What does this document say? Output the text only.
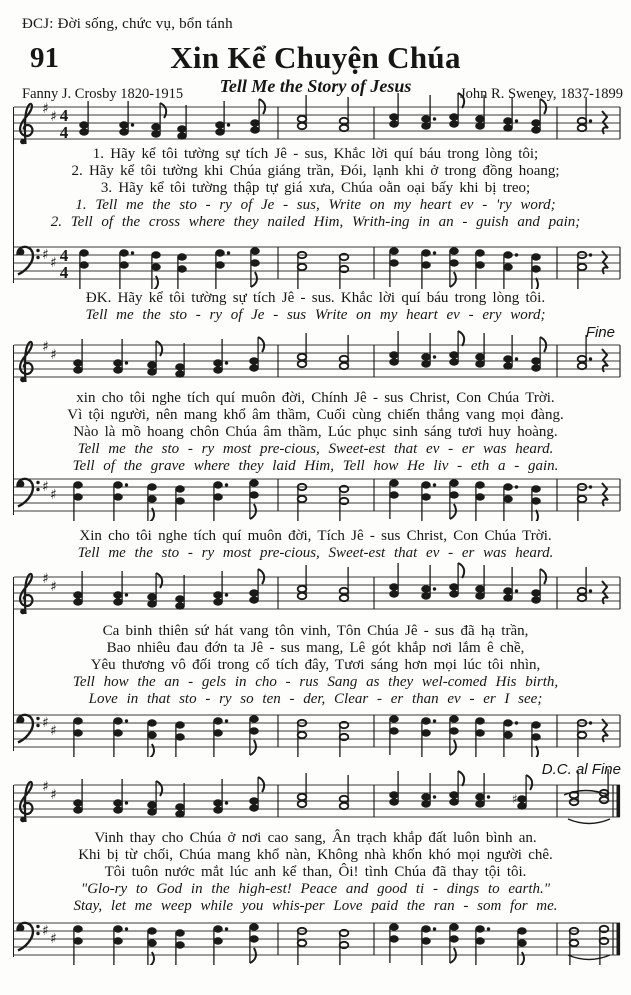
ĐCJ: Đời sống, chức vụ, bổn tánh
91	Xin Kể Chuyện Chúa
Tell Me the Story of Jesus
Fanny J. Crosby 1820-1915	John R. Sweney, 1837-1899
♯ ♯ 4
4
♯ ♯ 4
4
♯ ♯
♯ ♯
♯ ♯
♯ ♯
♯ ♯	♯
♯ ♯
1. Hãy kể tôi tường sự tích Jê - sus, Khắc lời quí báu trong lòng tôi;
2. Hãy kể tôi tường khi Chúa giáng trần, Đói, lạnh khi ở trong đồng hoang;
3. Hãy kể tôi tường thập tự giá xưa, Chúa oằn oại bấy khi bị treo;
1. Tell me the sto - ry of Je - sus, Write on my heart ev - 'ry word;
2. Tell of the cross where they nailed Him, Writh-ing in an - guish and pain;
ĐK. Hãy kể tôi tường sự tích Jê - sus. Khắc lời quí báu trong lòng tôi.
Tell me the sto - ry of Je - sus Write on my heart ev - ery word;
xin cho tôi nghe tích quí muôn đời, Chính Jê - sus Christ, Con Chúa Trời.
Vì tội người, nên mang khổ âm thầm, Cuối cùng chiến thắng vang mọi đàng.
Nào là mồ hoang chôn Chúa âm thầm, Lúc phục sinh sáng tươi huy hoàng.
Tell me the sto - ry most pre-cious, Sweet-est that ev - er was heard.
Tell of the grave where they laid Him, Tell how He liv - eth a - gain.
Xin cho tôi nghe tích quí muôn đời, Tích Jê - sus Christ, Con Chúa Trời.
Tell me the sto - ry most pre-cious, Sweet-est that ev - er was heard.
Ca binh thiên sứ hát vang tôn vinh, Tôn Chúa Jê - sus đã hạ trần,
Bao nhiêu đau đớn ta Jê - sus mang, Lê gót khắp nơi lắm ê chề,
Yêu thương vô đối trong cổ tích đây, Tươi sáng hơn mọi lúc tôi nhìn,
Tell how the an - gels in cho - rus Sang as they wel-comed His birth,
Love in that sto - ry so ten - der, Clear - er than ev - er I see;
Vinh thay cho Chúa ở nơi cao sang, Ân trạch khắp đất luôn bình an.
Khi bị từ chối, Chúa mang khổ nàn, Không nhà khốn khó mọi người chê.
Tôi tuôn nước mắt lúc anh kể than, Ôi! tình Chúa đã thay tội tôi.
"Glo-ry to God in the high-est! Peace and good ti - dings to earth."
Stay, let me weep while you whis-per Love paid the ran - som for me.
Fine
D.C. al Fine
